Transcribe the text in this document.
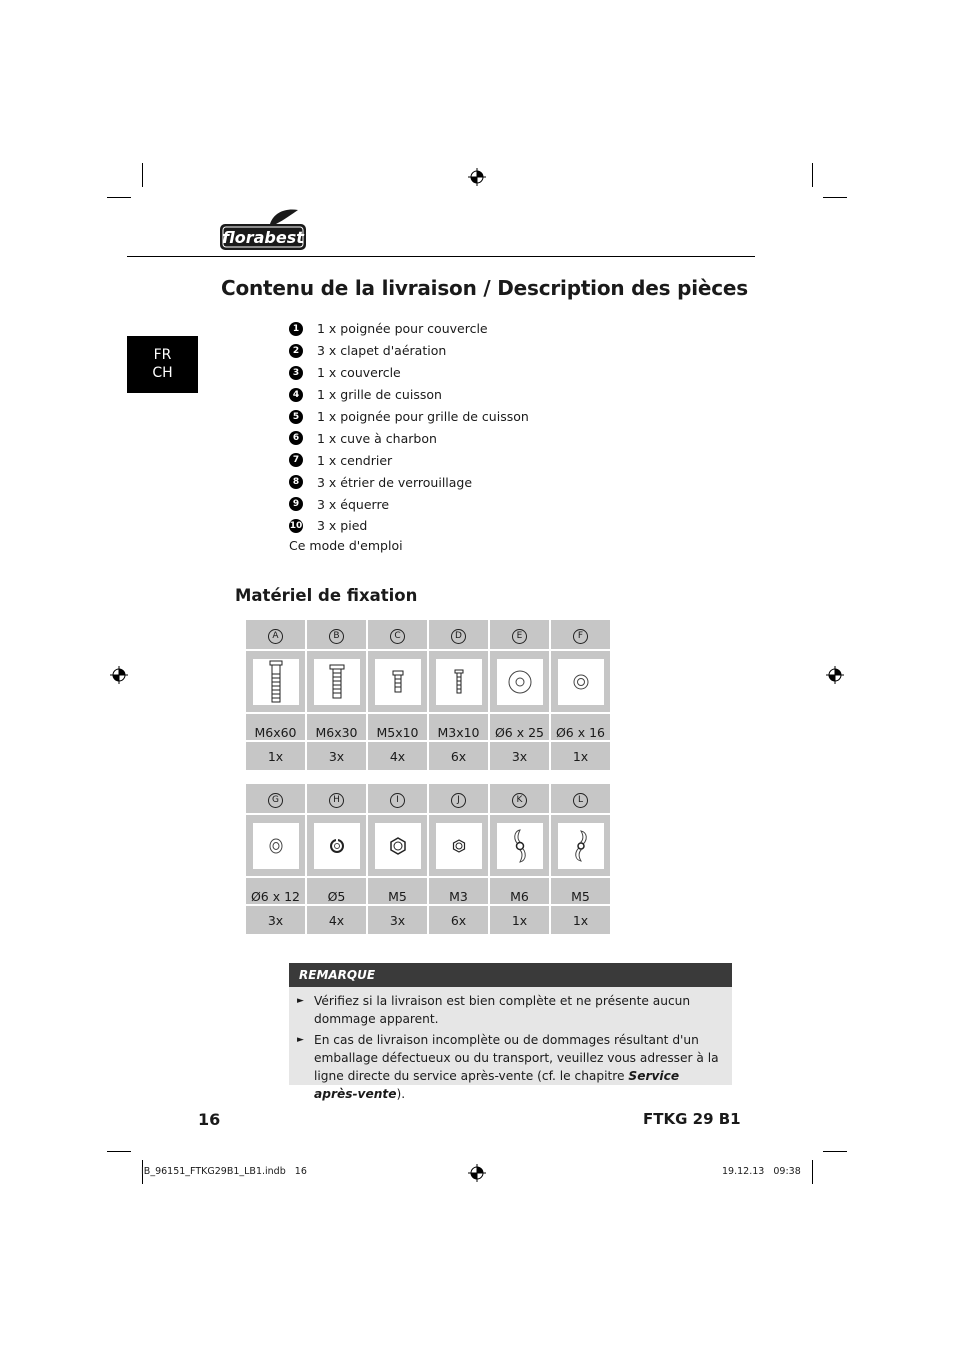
florabest
Contenu de la livraison / Description des pièces
FR
CH
1	1 x poignée pour couvercle
2	3 x clapet d'aération
3	1 x couvercle
4	1 x grille de cuisson
5	1 x poignée pour grille de cuisson
6	1 x cuve à charbon
7	1 x cendrier
8	3 x étrier de verrouillage
9	3 x équerre
10 3 x pied
Ce mode d'emploi
Matériel de fixation
A	B	C	D	E	F

M6x60	M6x30	M5x10	M3x10	Ø6 x 25	Ø6 x 16
1x	3x	4x	6x	3x	1x
G	H	I	J	K	L

Ø6 x 12	Ø5	M5	M3	M6	M5
3x	4x	3x	6x	1x	1x
REMARQUE
► Vérifiez si la livraison est bien complète et ne présente aucun dommage apparent.
► En cas de livraison incomplète ou de dommages résultant d'un emballage défectueux ou du transport, veuillez vous adresser à la ligne directe du service après-vente (cf. le chapitre Service après-vente).
16	FTKG 29 B1
IB_96151_FTKG29B1_LB1.indb   16	19.12.13   09:38
